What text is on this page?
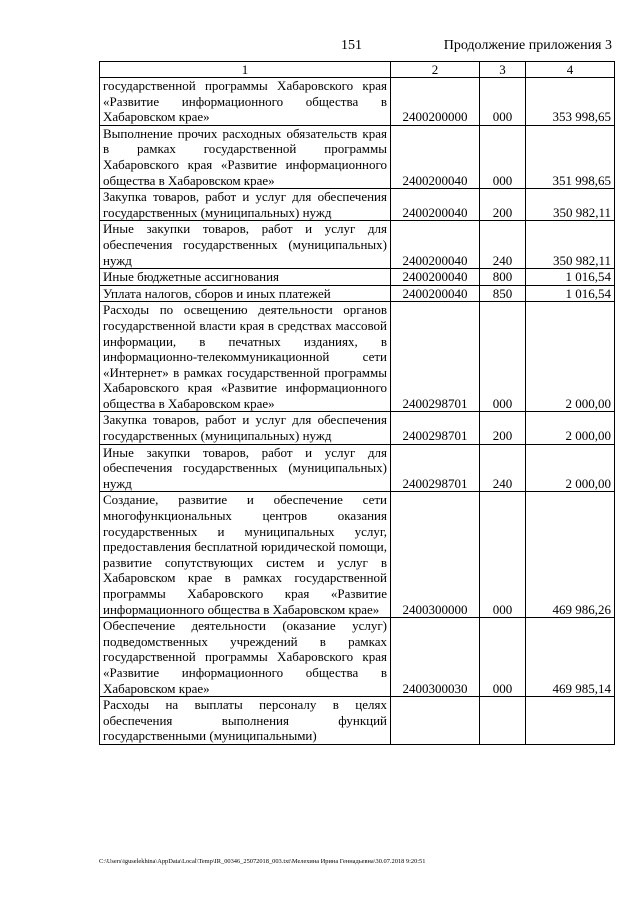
151	Продолжение приложения 3
1	2	3	4
государственной программы Хабаровского края «Развитие информационного общества в Хабаровском крае»	2400200000	000	353 998,65
Выполнение прочих расходных обязательств края в рамках государственной программы Хабаровского края «Развитие информационного общества в Хабаровском крае»	2400200040	000	351 998,65
Закупка товаров, работ и услуг для обеспечения государственных (муниципальных) нужд	2400200040	200	350 982,11
Иные закупки товаров, работ и услуг для обеспечения государственных (муниципальных) нужд	2400200040	240	350 982,11
Иные бюджетные ассигнования	2400200040	800	1 016,54
Уплата налогов, сборов и иных платежей	2400200040	850	1 016,54
Расходы по освещению деятельности органов государственной власти края в средствах массовой информации, в печатных изданиях, в информационно-телекоммуникационной сети «Интернет» в рамках государственной программы Хабаровского края «Развитие информационного общества в Хабаровском крае»	2400298701	000	2 000,00
Закупка товаров, работ и услуг для обеспечения государственных (муниципальных) нужд	2400298701	200	2 000,00
Иные закупки товаров, работ и услуг для обеспечения государственных (муниципальных) нужд	2400298701	240	2 000,00
Создание, развитие и обеспечение сети многофункциональных центров оказания государственных и муниципальных услуг, предоставления бесплатной юридической помощи, развитие сопутствующих систем и услуг в Хабаровском крае в рамках государственной программы Хабаровского края «Развитие информационного общества в Хабаровском крае»	2400300000	000	469 986,26
Обеспечение деятельности (оказание услуг) подведомственных учреждений в рамках государственной программы Хабаровского края «Развитие информационного общества в Хабаровском крае»	2400300030	000	469 985,14
Расходы на выплаты персоналу в целях обеспечения выполнения функций государственными (муниципальными)			
C:\Users\iguselekhina\AppData\Local\Temp\IR_00346_25072018_003.txt\Мелехина Ирина Геннадьевна\30.07.2018 9:20:51
